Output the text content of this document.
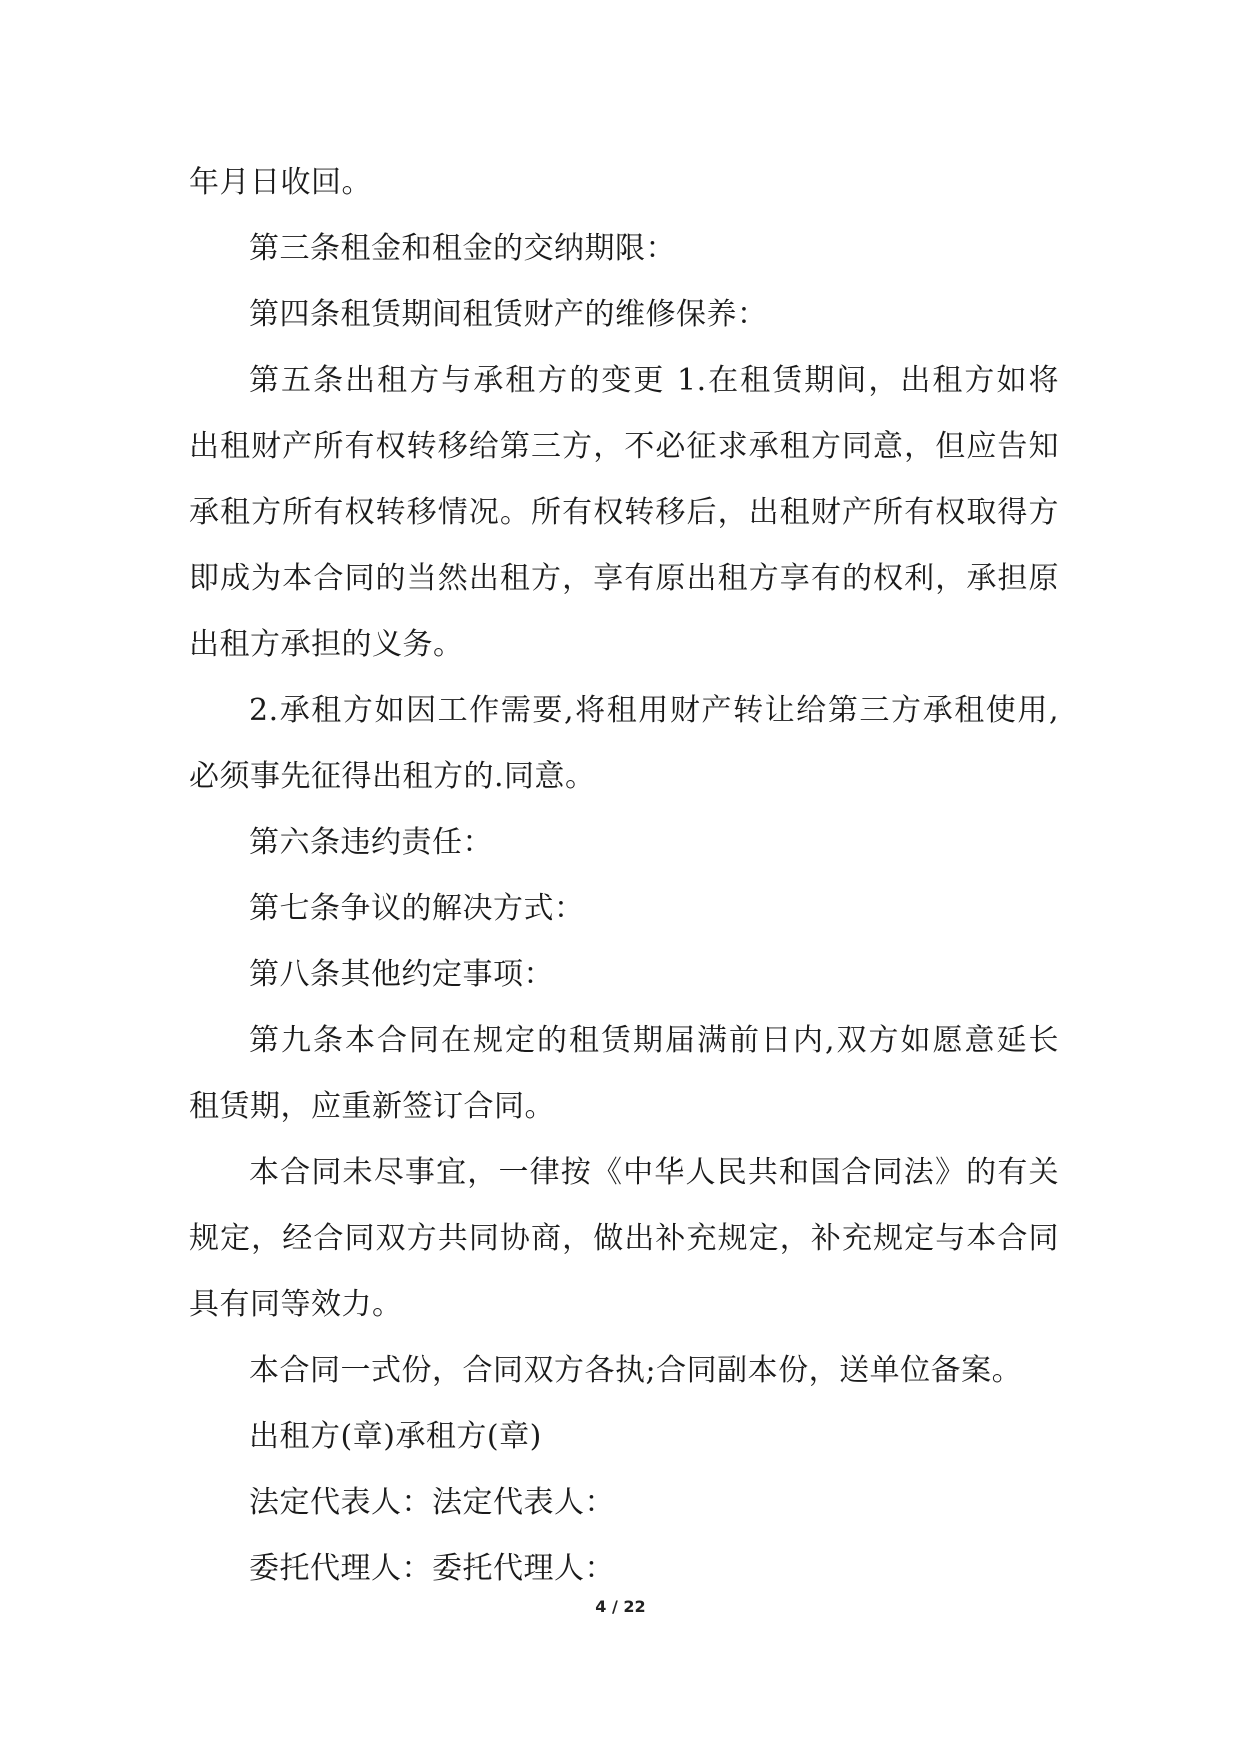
年月日收回。
第三条租金和租金的交纳期限：
第四条租赁期间租赁财产的维修保养：
第五条出租方与承租方的变更 1.在租赁期间，出租方如将
出租财产所有权转移给第三方，不必征求承租方同意，但应告知
承租方所有权转移情况。所有权转移后，出租财产所有权取得方
即成为本合同的当然出租方，享有原出租方享有的权利，承担原
出租方承担的义务。
2.承租方如因工作需要,将租用财产转让给第三方承租使用,
必须事先征得出租方的.同意。
第六条违约责任：
第七条争议的解决方式：
第八条其他约定事项：
第九条本合同在规定的租赁期届满前日内,双方如愿意延长
租赁期，应重新签订合同。
本合同未尽事宜，一律按《中华人民共和国合同法》的有关
规定，经合同双方共同协商，做出补充规定，补充规定与本合同
具有同等效力。
本合同一式份，合同双方各执;合同副本份，送单位备案。
出租方(章)承租方(章)
法定代表人：法定代表人：
委托代理人：委托代理人：
4 / 22
